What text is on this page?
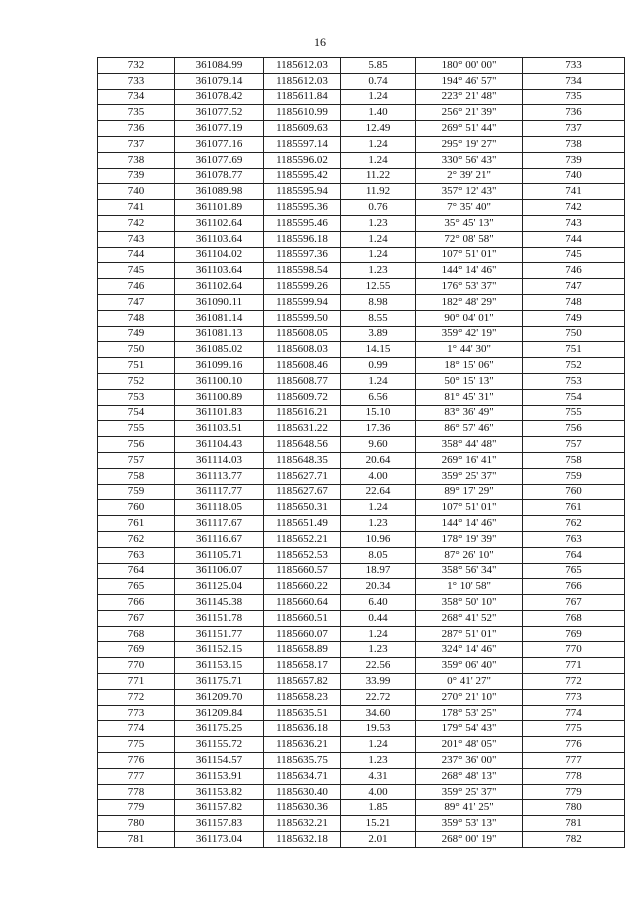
16
732	361084.99	1185612.03	5.85	180° 00' 00"	733
733	361079.14	1185612.03	0.74	194° 46' 57"	734
734	361078.42	1185611.84	1.24	223° 21' 48"	735
735	361077.52	1185610.99	1.40	256° 21' 39"	736
736	361077.19	1185609.63	12.49	269° 51' 44"	737
737	361077.16	1185597.14	1.24	295° 19' 27"	738
738	361077.69	1185596.02	1.24	330° 56' 43"	739
739	361078.77	1185595.42	11.22	2° 39' 21"	740
740	361089.98	1185595.94	11.92	357° 12' 43"	741
741	361101.89	1185595.36	0.76	7° 35' 40"	742
742	361102.64	1185595.46	1.23	35° 45' 13"	743
743	361103.64	1185596.18	1.24	72° 08' 58"	744
744	361104.02	1185597.36	1.24	107° 51' 01"	745
745	361103.64	1185598.54	1.23	144° 14' 46"	746
746	361102.64	1185599.26	12.55	176° 53' 37"	747
747	361090.11	1185599.94	8.98	182° 48' 29"	748
748	361081.14	1185599.50	8.55	90° 04' 01"	749
749	361081.13	1185608.05	3.89	359° 42' 19"	750
750	361085.02	1185608.03	14.15	1° 44' 30"	751
751	361099.16	1185608.46	0.99	18° 15' 06"	752
752	361100.10	1185608.77	1.24	50° 15' 13"	753
753	361100.89	1185609.72	6.56	81° 45' 31"	754
754	361101.83	1185616.21	15.10	83° 36' 49"	755
755	361103.51	1185631.22	17.36	86° 57' 46"	756
756	361104.43	1185648.56	9.60	358° 44' 48"	757
757	361114.03	1185648.35	20.64	269° 16' 41"	758
758	361113.77	1185627.71	4.00	359° 25' 37"	759
759	361117.77	1185627.67	22.64	89° 17' 29"	760
760	361118.05	1185650.31	1.24	107° 51' 01"	761
761	361117.67	1185651.49	1.23	144° 14' 46"	762
762	361116.67	1185652.21	10.96	178° 19' 39"	763
763	361105.71	1185652.53	8.05	87° 26' 10"	764
764	361106.07	1185660.57	18.97	358° 56' 34"	765
765	361125.04	1185660.22	20.34	1° 10' 58"	766
766	361145.38	1185660.64	6.40	358° 50' 10"	767
767	361151.78	1185660.51	0.44	268° 41' 52"	768
768	361151.77	1185660.07	1.24	287° 51' 01"	769
769	361152.15	1185658.89	1.23	324° 14' 46"	770
770	361153.15	1185658.17	22.56	359° 06' 40"	771
771	361175.71	1185657.82	33.99	0° 41' 27"	772
772	361209.70	1185658.23	22.72	270° 21' 10"	773
773	361209.84	1185635.51	34.60	178° 53' 25"	774
774	361175.25	1185636.18	19.53	179° 54' 43"	775
775	361155.72	1185636.21	1.24	201° 48' 05"	776
776	361154.57	1185635.75	1.23	237° 36' 00"	777
777	361153.91	1185634.71	4.31	268° 48' 13"	778
778	361153.82	1185630.40	4.00	359° 25' 37"	779
779	361157.82	1185630.36	1.85	89° 41' 25"	780
780	361157.83	1185632.21	15.21	359° 53' 13"	781
781	361173.04	1185632.18	2.01	268° 00' 19"	782
